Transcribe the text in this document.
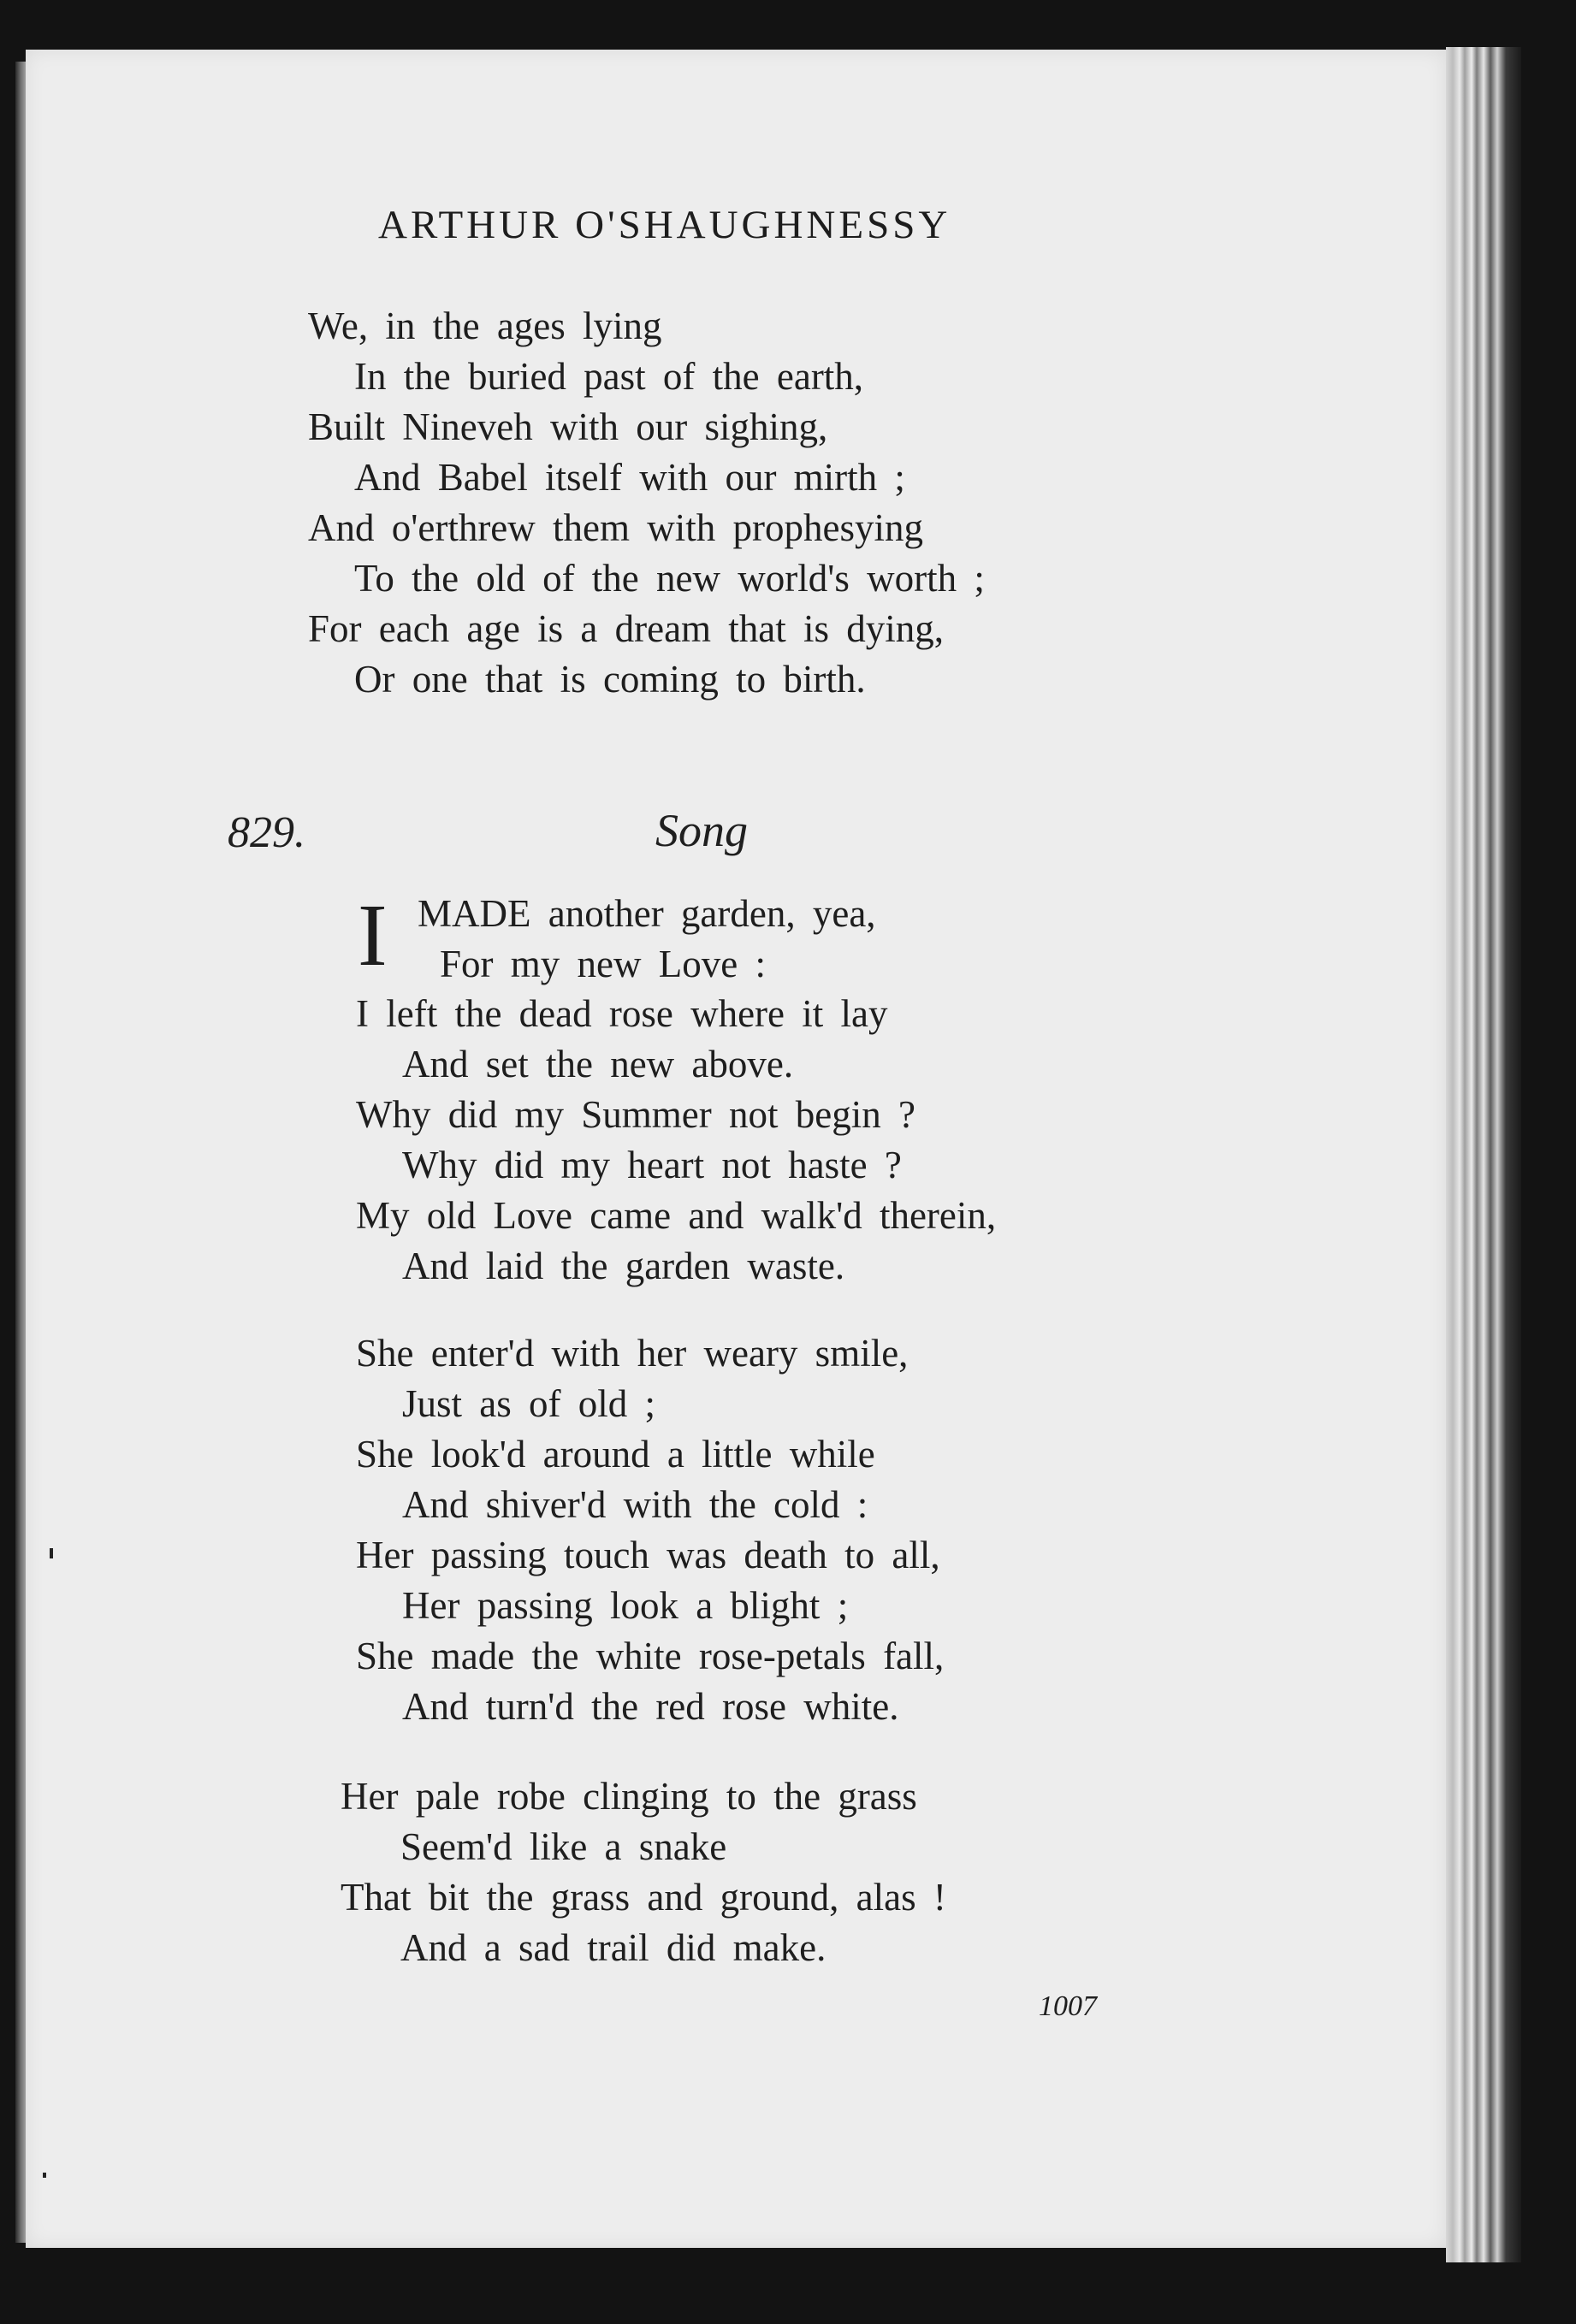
ARTHUR O'SHAUGHNESSY
We, in the ages lying
In the buried past of the earth,
Built Nineveh with our sighing,
And Babel itself with our mirth ;
And o'erthrew them with prophesying
To the old of the new world's worth ;
For each age is a dream that is dying,
Or one that is coming to birth.
829.	Song
I MADE another garden, yea,
For my new Love :
I left the dead rose where it lay
And set the new above.
Why did my Summer not begin ?
Why did my heart not haste ?
My old Love came and walk'd therein,
And laid the garden waste.
She enter'd with her weary smile,
Just as of old ;
She look'd around a little while
And shiver'd with the cold :
Her passing touch was death to all,
Her passing look a blight ;
She made the white rose-petals fall,
And turn'd the red rose white.
Her pale robe clinging to the grass
Seem'd like a snake
That bit the grass and ground, alas !
And a sad trail did make.
1007
